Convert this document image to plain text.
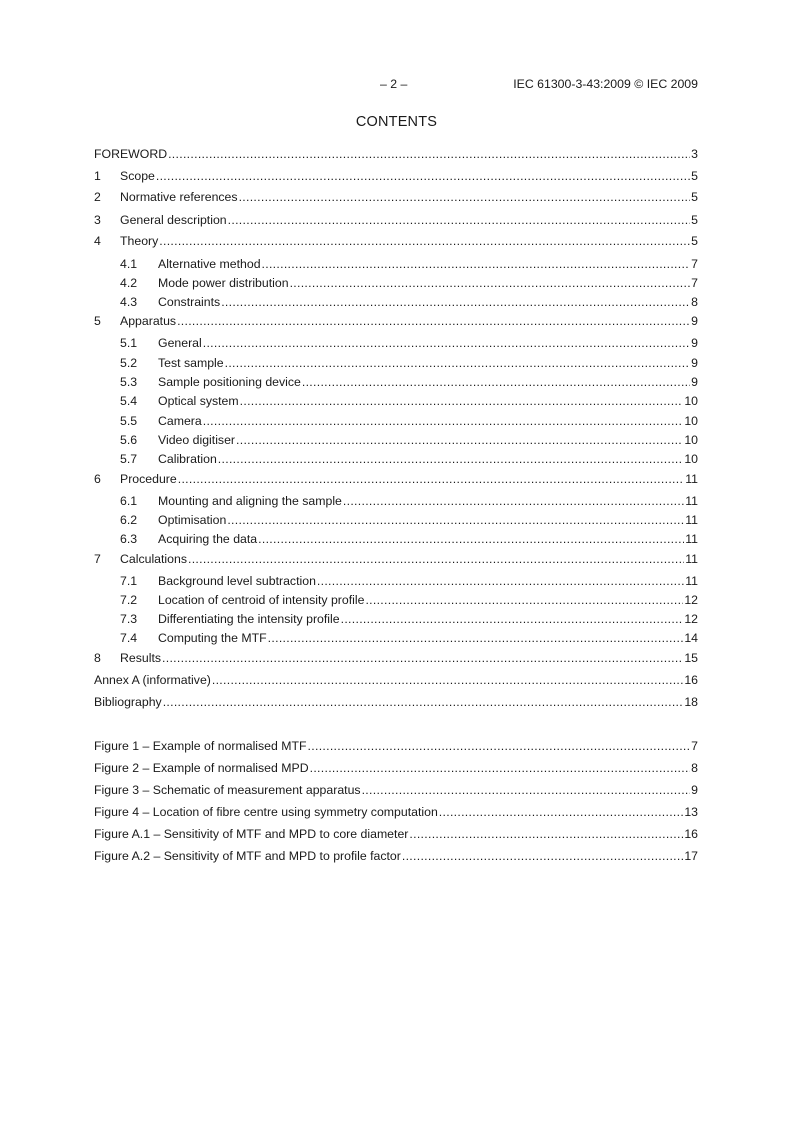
– 2 –	IEC 61300-3-43:2009 © IEC 2009
CONTENTS
FOREWORD .....	3
1	Scope .....	5
2	Normative references .....	5
3	General description .....	5
4	Theory .....	5
4.1	Alternative method .....	7
4.2	Mode power distribution .....	7
4.3	Constraints .....	8
5	Apparatus .....	9
5.1	General .....	9
5.2	Test sample .....	9
5.3	Sample positioning device .....	9
5.4	Optical system .....	10
5.5	Camera .....	10
5.6	Video digitiser .....	10
5.7	Calibration .....	10
6	Procedure .....	11
6.1	Mounting and aligning the sample .....	11
6.2	Optimisation .....	11
6.3	Acquiring the data .....	11
7	Calculations .....	11
7.1	Background level subtraction .....	11
7.2	Location of centroid of intensity profile .....	12
7.3	Differentiating the intensity profile .....	12
7.4	Computing the MTF .....	14
8	Results .....	15
Annex A (informative) .....	16
Bibliography .....	18
Figure 1 – Example of normalised MTF .....	7
Figure 2 – Example of normalised MPD .....	8
Figure 3 – Schematic of measurement apparatus .....	9
Figure 4 – Location of fibre centre using symmetry computation .....	13
Figure A.1 – Sensitivity of MTF and MPD to core diameter .....	16
Figure A.2 – Sensitivity of MTF and MPD to profile factor .....	17
